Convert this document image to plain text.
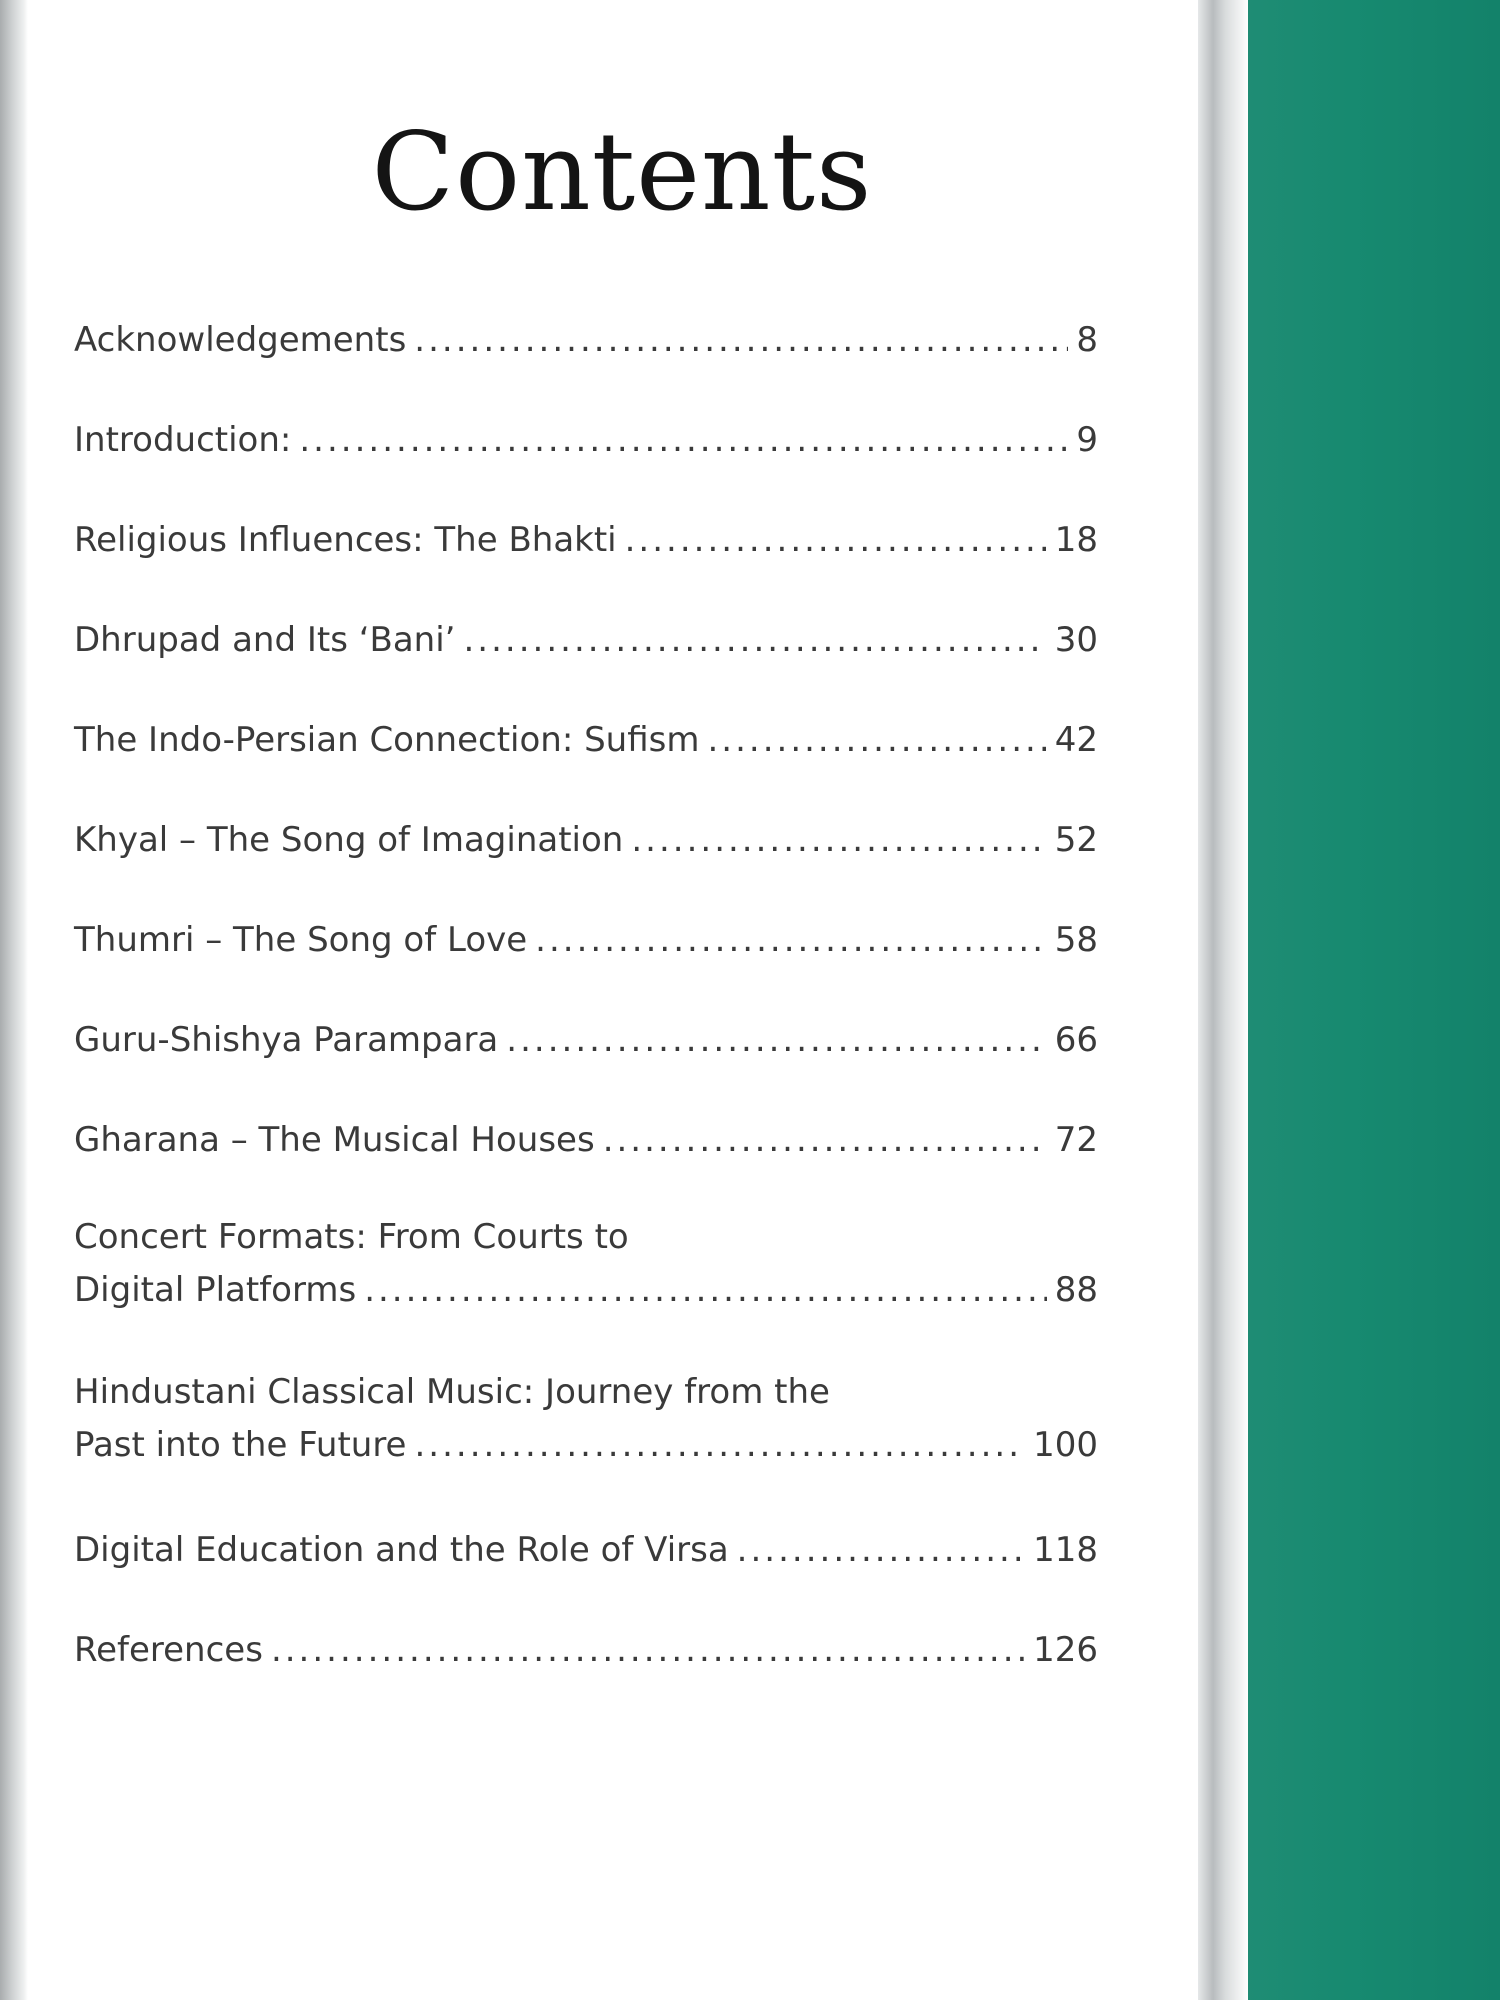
Contents
Acknowledgements .....	8
Introduction: .....	9
Religious Influences: The Bhakti .....	18
Dhrupad and Its ‘Bani’ .....	30
The Indo-Persian Connection: Sufism .....	42
Khyal – The Song of Imagination .....	52
Thumri – The Song of Love .....	58
Guru-Shishya Parampara .....	66
Gharana – The Musical Houses .....	72
Concert Formats: From Courts to
Digital Platforms .....	88
Hindustani Classical Music: Journey from the
Past into the Future .....	100
Digital Education and the Role of Virsa .....	118
References .....	126
